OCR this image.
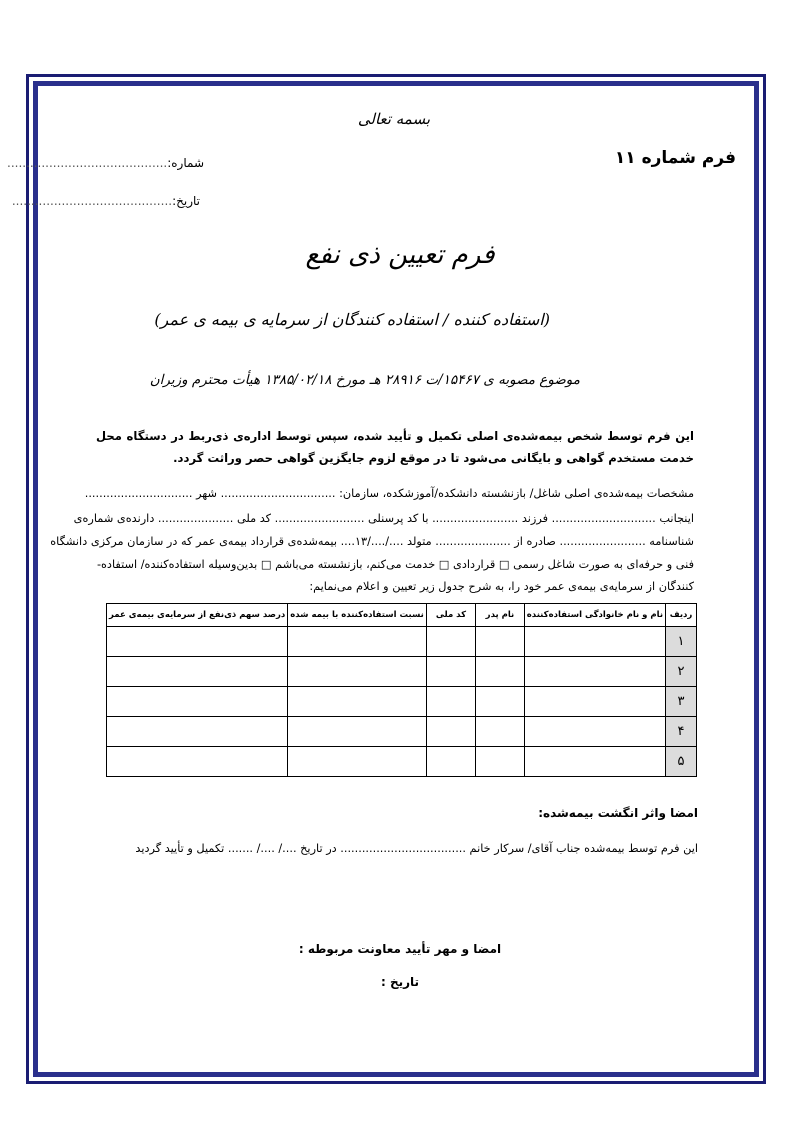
بسمه تعالی
فرم شماره ۱۱
شماره:..........................................
تاریخ:..........................................
فرم تعیین ذی نفع
(استفاده کننده / استفاده کنندگان از سرمایه ی بیمه ی عمر)
موضوع مصوبه ی ۱۵۴۶۷/ت ۲۸۹۱۶ هـ مورخ ۱۳۸۵/۰۲/۱۸ هیأت محترم وزیران
این فرم توسط شخص بیمه‌شده‌ی اصلی تکمیل و تأیید شده، سپس توسط اداره‌ی ذی‌ربط در دستگاه محل خدمت مستخدم گواهی و بایگانی می‌شود تا در موقع لزوم جایگزین گواهی حصر وراثت گردد.
مشخصات بیمه‌شده‌ی اصلی شاغل/ بازنشسته دانشکده/آموزشکده، سازمان: ................................ شهر ..............................
اینجانب ............................. فرزند ........................ با کد پرسنلی ......................... کد ملی ..................... دارنده‌ی شماره‌ی
شناسنامه ........................ صادره از ..................... متولد ..../..../۱۳.... بیمه‌شده‌ی قرارداد بیمه‌ی عمر که در سازمان مرکزی دانشگاه
فنی و حرفه‌ای به صورت شاغل رسمی □ قراردادی □ خدمت می‌کنم، بازنشسته می‌باشم □ بدین‌وسیله استفاده‌کننده/ استفاده-
کنندگان از سرمایه‌ی بیمه‌ی عمر خود را، به شرح جدول زیر تعیین و اعلام می‌نمایم:
ردیف	نام و نام خانوادگی استفاده‌کننده	نام پدر	کد ملی	نسبت استفاده‌کننده با بیمه شده	درصد سهم ذی‌نفع از سرمایه‌ی بیمه‌ی عمر
۱					
۲					
۳					
۴					
۵					
امضا واثر انگشت بیمه‌شده:
این فرم توسط بیمه‌شده جناب آقای/ سرکار خانم ................................... در تاریخ ..../ ..../ ....... تکمیل و تأیید گردید
امضا و مهر تأیید معاونت مربوطه :
تاریخ :
